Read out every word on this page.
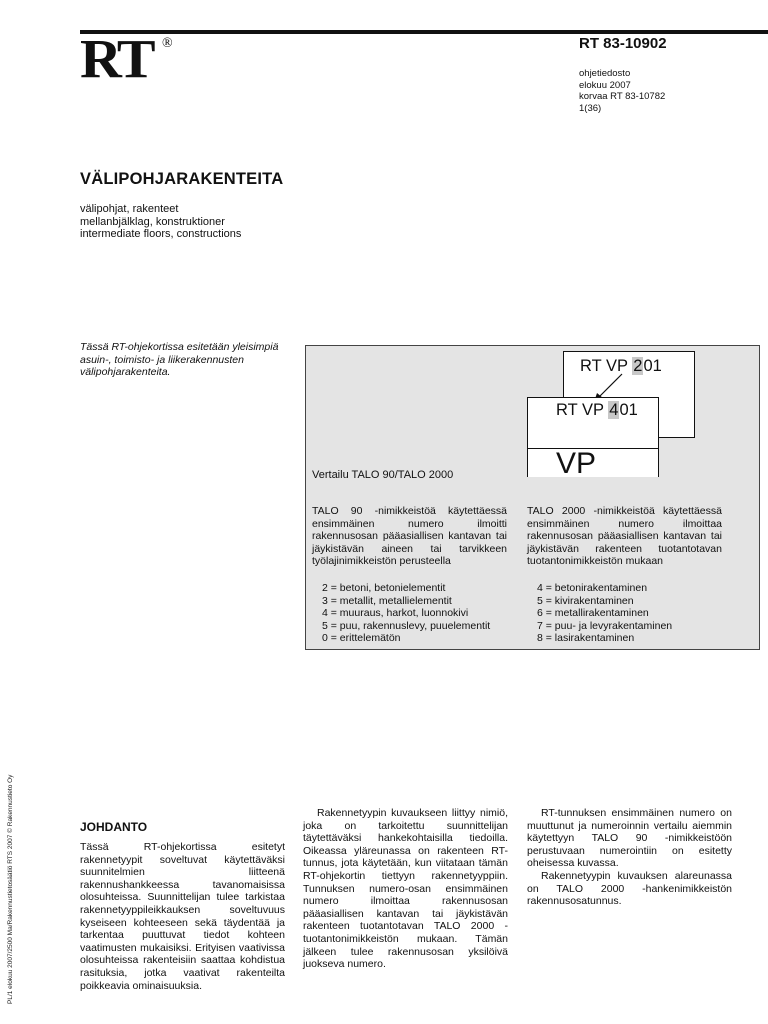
RT ®	RT 83-10902
ohjetiedosto
elokuu 2007
korvaa RT 83-10782
1(36)
VÄLIPOHJARAKENTEITA
välipohjat, rakenteet
mellanbjälklag, konstruktioner
intermediate floors, constructions
Tässä RT-ohjekortissa esitetään yleisimpiä asuin-, toimisto- ja liikerakennusten välipohjarakenteita.	RT VP 201
RT VP 401
VP
Vertailu TALO 90/TALO 2000
TALO 90 -nimikkeistöä käytettäessä ensimmäinen numero ilmoitti rakennusosan pääasiallisen kantavan tai jäykistävän aineen tai tarvikkeen työlajinimikkeistön perusteella
2 = betoni, betonielementit
3 = metallit, metallielementit
4 = muuraus, harkot, luonnokivi
5 = puu, rakennuslevy, puuelementit
0 = erittelemätön
TALO 2000 -nimikkeistöä käytettäessä ensimmäinen numero ilmoittaa rakennusosan pääasiallisen kantavan tai jäykistävän rakenteen tuotantotavan tuotantonimikkeistön mukaan
4 = betonirakentaminen
5 = kivirakentaminen
6 = metallirakentaminen
7 = puu- ja levyrakentaminen
8 = lasirakentaminen
PL/1 elokuu 2007/2500 Ma/Rakennustietosäätiö RTS 2007 © Rakennustieto Oy	JOHDANTO

Tässä RT-ohjekortissa esitetyt rakennetyypit soveltuvat käytettäväksi suunnitelmien liitteenä rakennushankkeessa tavanomaisissa olosuhteissa. Suunnittelijan tulee tarkistaa rakennetyyppileikkauksen soveltuvuus kyseiseen kohteeseen sekä täydentää ja tarkentaa puuttuvat tiedot kohteen vaatimusten mukaisiksi. Erityisen vaativissa olosuhteissa rakenteisiin saattaa kohdistua rasituksia, jotka vaativat rakenteilta poikkeavia ominaisuuksia.

Rakennetyypin kuvaukseen liittyy nimiö, joka on tarkoitettu suunnittelijan täytettäväksi hankekohtaisilla tiedoilla. Oikeassa yläreunassa on rakenteen RT-tunnus, jota käytetään, kun viitataan tämän RT-ohjekortin tiettyyn rakennetyyppiin. Tunnuksen numero-osan ensimmäinen numero ilmoittaa rakennusosan pääasiallisen kantavan tai jäykistävän rakenteen tuotantotavan TALO 2000 -tuotantonimikkeistön mukaan. Tämän jälkeen tulee rakennusosan yksilöivä juokseva numero.

RT-tunnuksen ensimmäinen numero on muuttunut ja numeroinnin vertailu aiemmin käytettyyn TALO 90 -nimikkeistöön perustuvaan numerointiin on esitetty oheisessa kuvassa.

Rakennetyypin kuvauksen alareunassa on TALO 2000 -hankenimikkeistön rakennusosatunnus.
